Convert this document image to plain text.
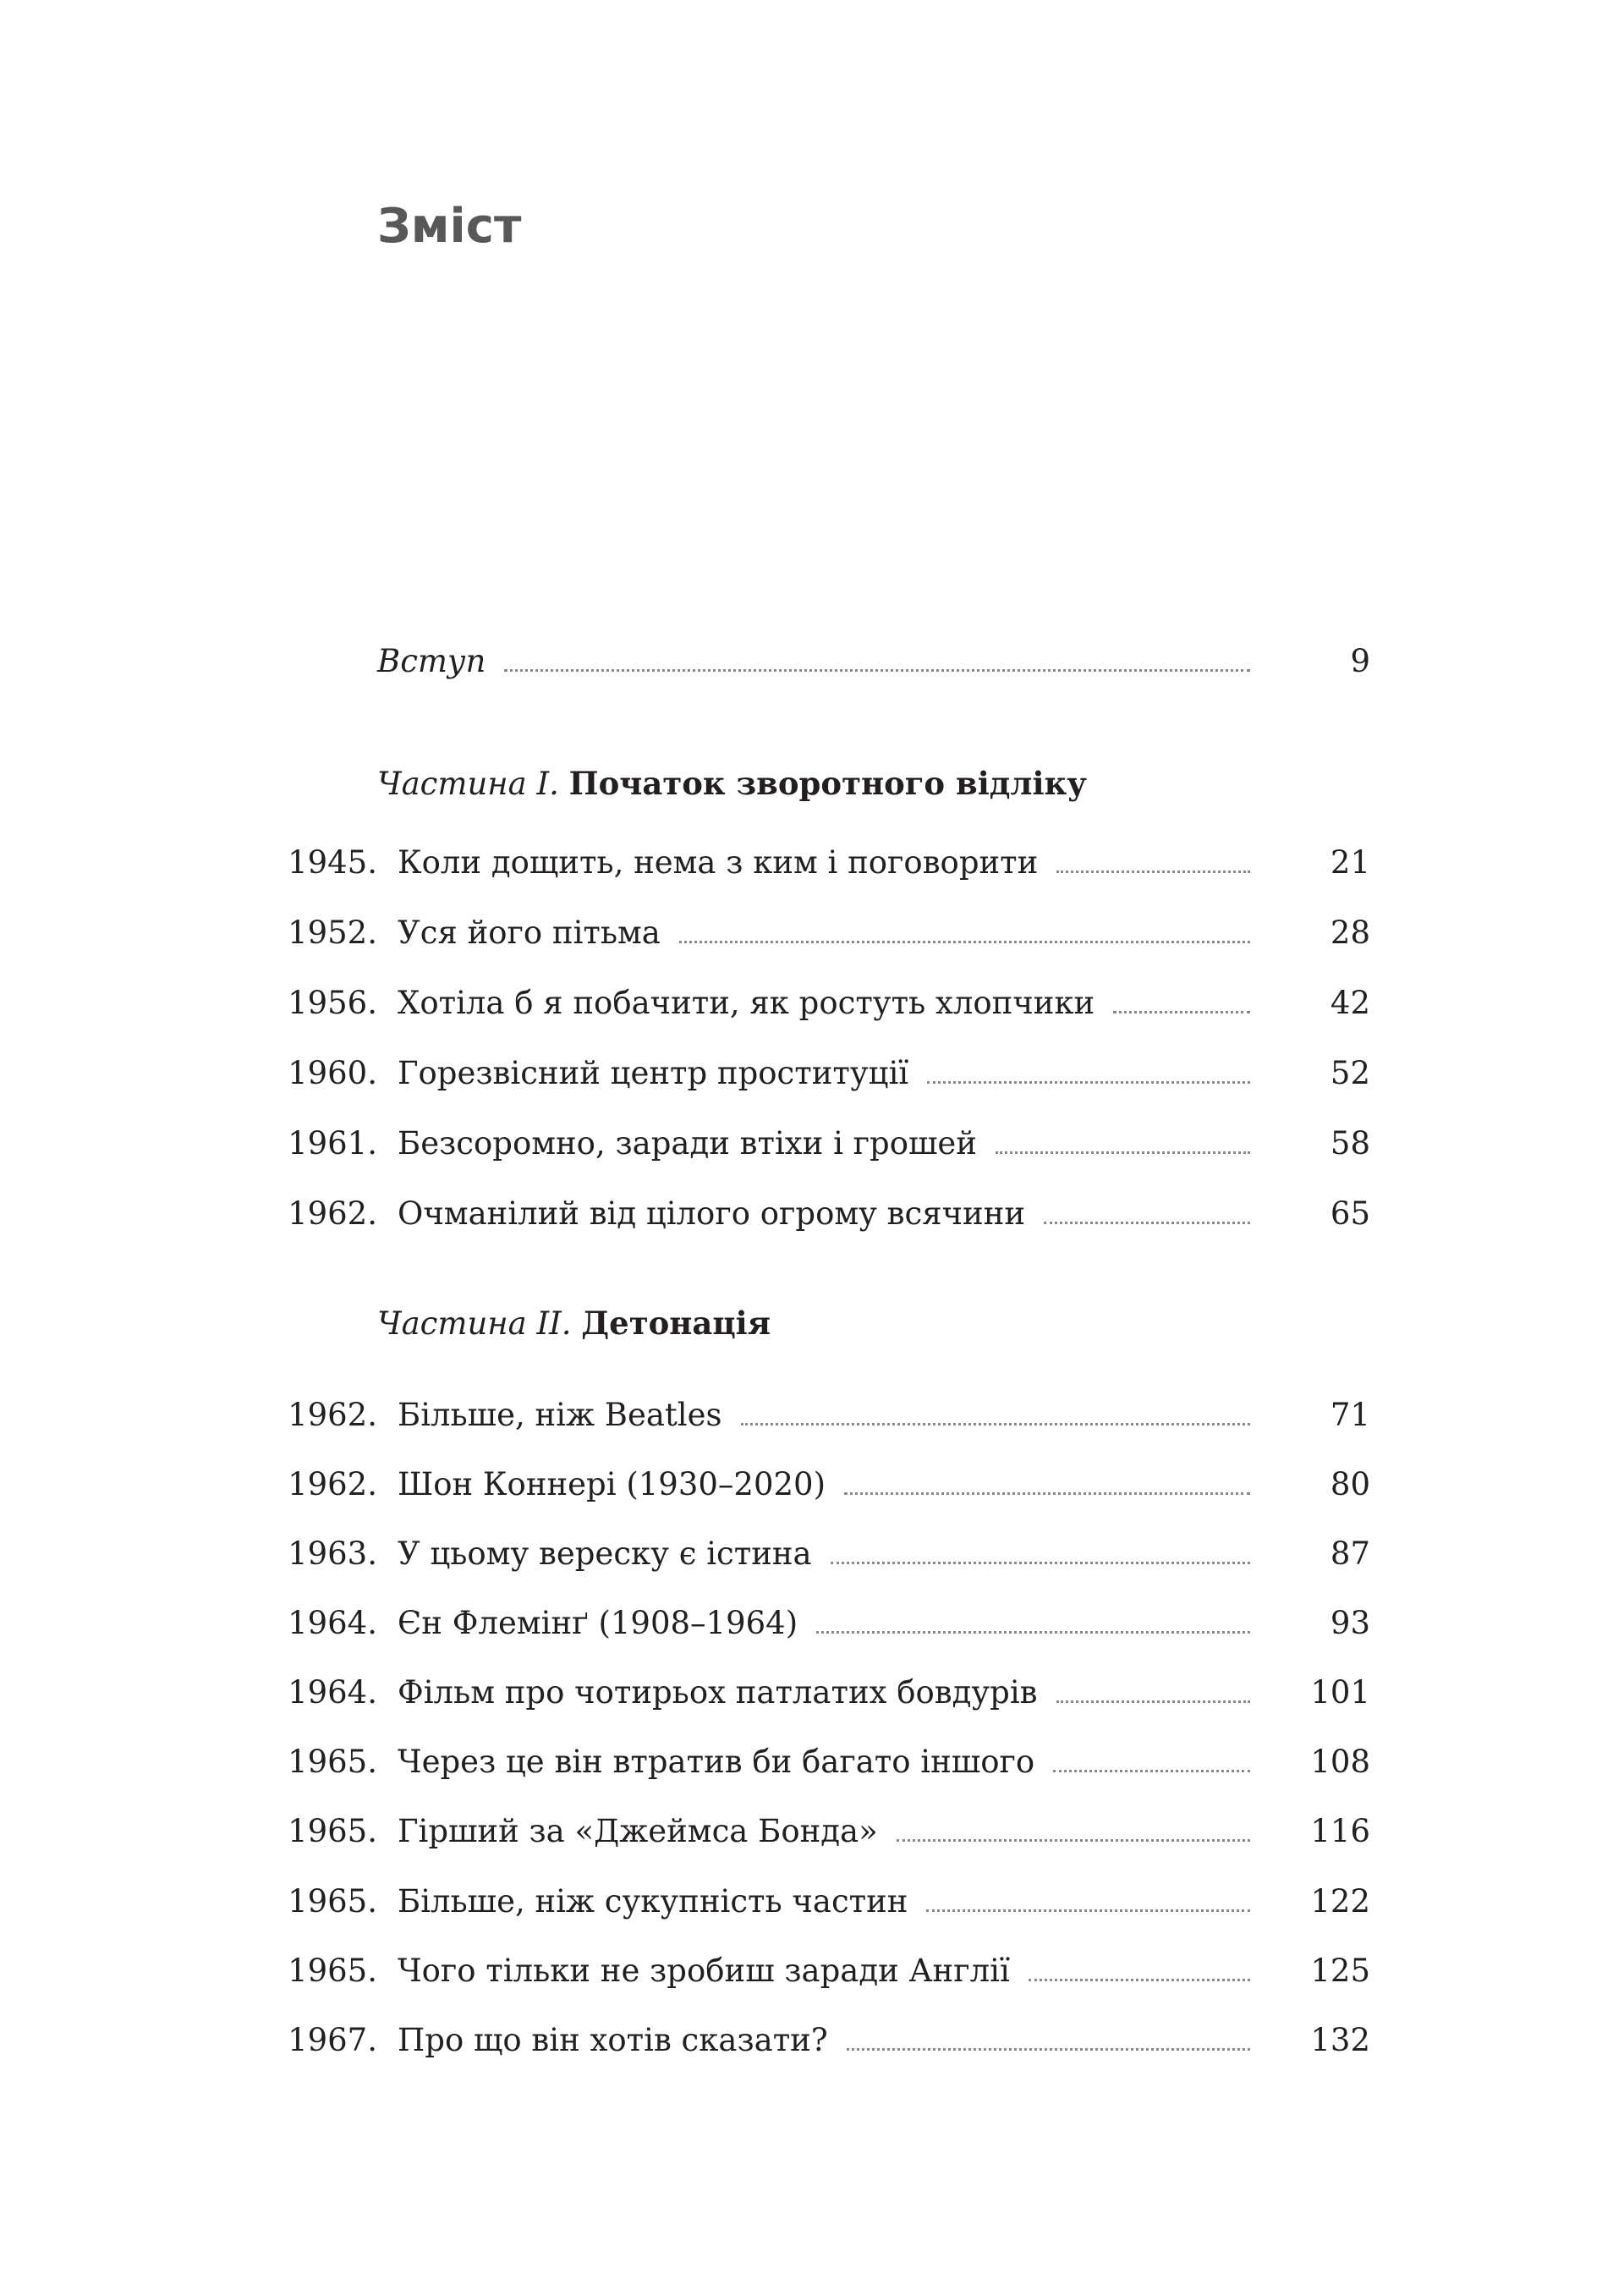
Зміст
Вступ	9
Частина I. Початок зворотного відліку
1945. Коли дощить, нема з ким і поговорити	21
1952. Уся його пітьма	28
1956. Хотіла б я побачити, як ростуть хлопчики	42
1960. Горезвісний центр проституції	52
1961. Безсоромно, заради втіхи і грошей	58
1962. Очманілий від цілого огрому всячини	65
Частина II. Детонація
1962. Більше, ніж Beatles	71
1962. Шон Коннері (1930–2020)	80
1963. У цьому вереску є істина	87
1964. Єн Флемінґ (1908–1964)	93
1964. Фільм про чотирьох патлатих бовдурів	101
1965. Через це він втратив би багато іншого	108
1965. Гірший за «Джеймса Бонда»	116
1965. Більше, ніж сукупність частин	122
1965. Чого тільки не зробиш заради Англії	125
1967. Про що він хотів сказати?	132
